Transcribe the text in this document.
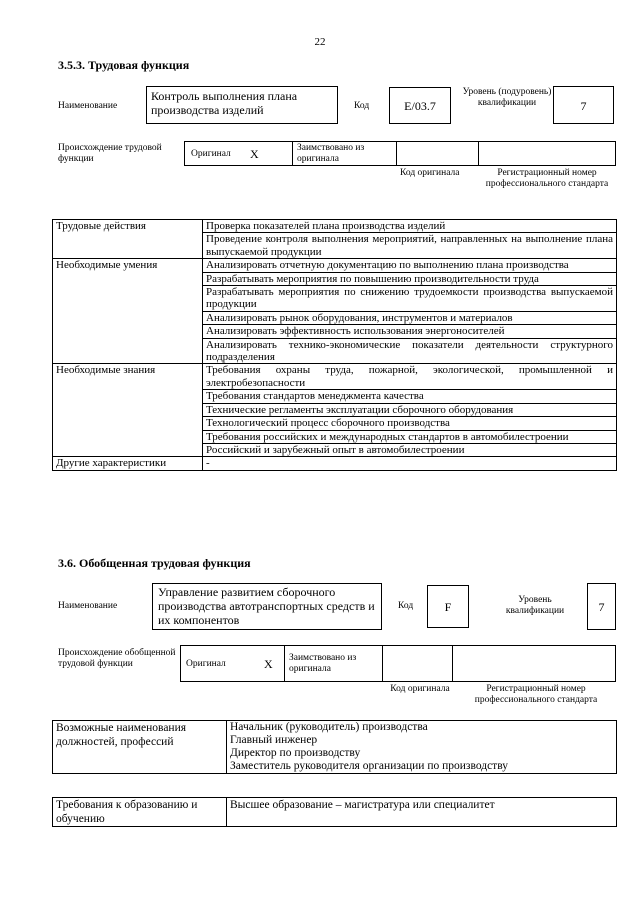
22
3.5.3. Трудовая функция
Наименование
Контроль выполнения плана производства изделий	Код	E/03.7
Уровень (подуровень) квалификации	7
Происхождение трудовой функции	Оригинал X	Заимствовано из оригинала
Код оригинала	Регистрационный номер профессионального стандарта
Трудовые действия	Проверка показателей плана производства изделий
	Проведение контроля выполнения мероприятий, направленных на выполнение плана выпускаемой продукции
Необходимые умения	Анализировать отчетную документацию по выполнению плана производства
	Разрабатывать мероприятия по повышению производительности труда
	Разрабатывать мероприятия по снижению трудоемкости производства выпускаемой продукции
	Анализировать рынок оборудования, инструментов и материалов
	Анализировать эффективность использования энергоносителей
	Анализировать технико-экономические показатели деятельности структурного подразделения
Необходимые знания	Требования охраны труда, пожарной, экологической, промышленной и электробезопасности
	Требования стандартов менеджмента качества
	Технические регламенты эксплуатации сборочного оборудования
	Технологический процесс сборочного производства
	Требования российских и международных стандартов в автомобилестроении
	Российский и зарубежный опыт в автомобилестроении
Другие характеристики	-
3.6. Обобщенная трудовая функция
Наименование
Управление развитием сборочного производства автотранспортных средств и их компонентов
Код	F	Уровень квалификации	7
Происхождение обобщенной трудовой функции	Оригинал	X Заимствовано из оригинала
Код оригинала	Регистрационный номер профессионального стандарта
Возможные наименования должностей, профессий	Начальник (руководитель) производства
Главный инженер
Директор по производству
Заместитель руководителя организации по производству
Требования к образованию и обучению	Высшее образование – магистратура или специалитет
